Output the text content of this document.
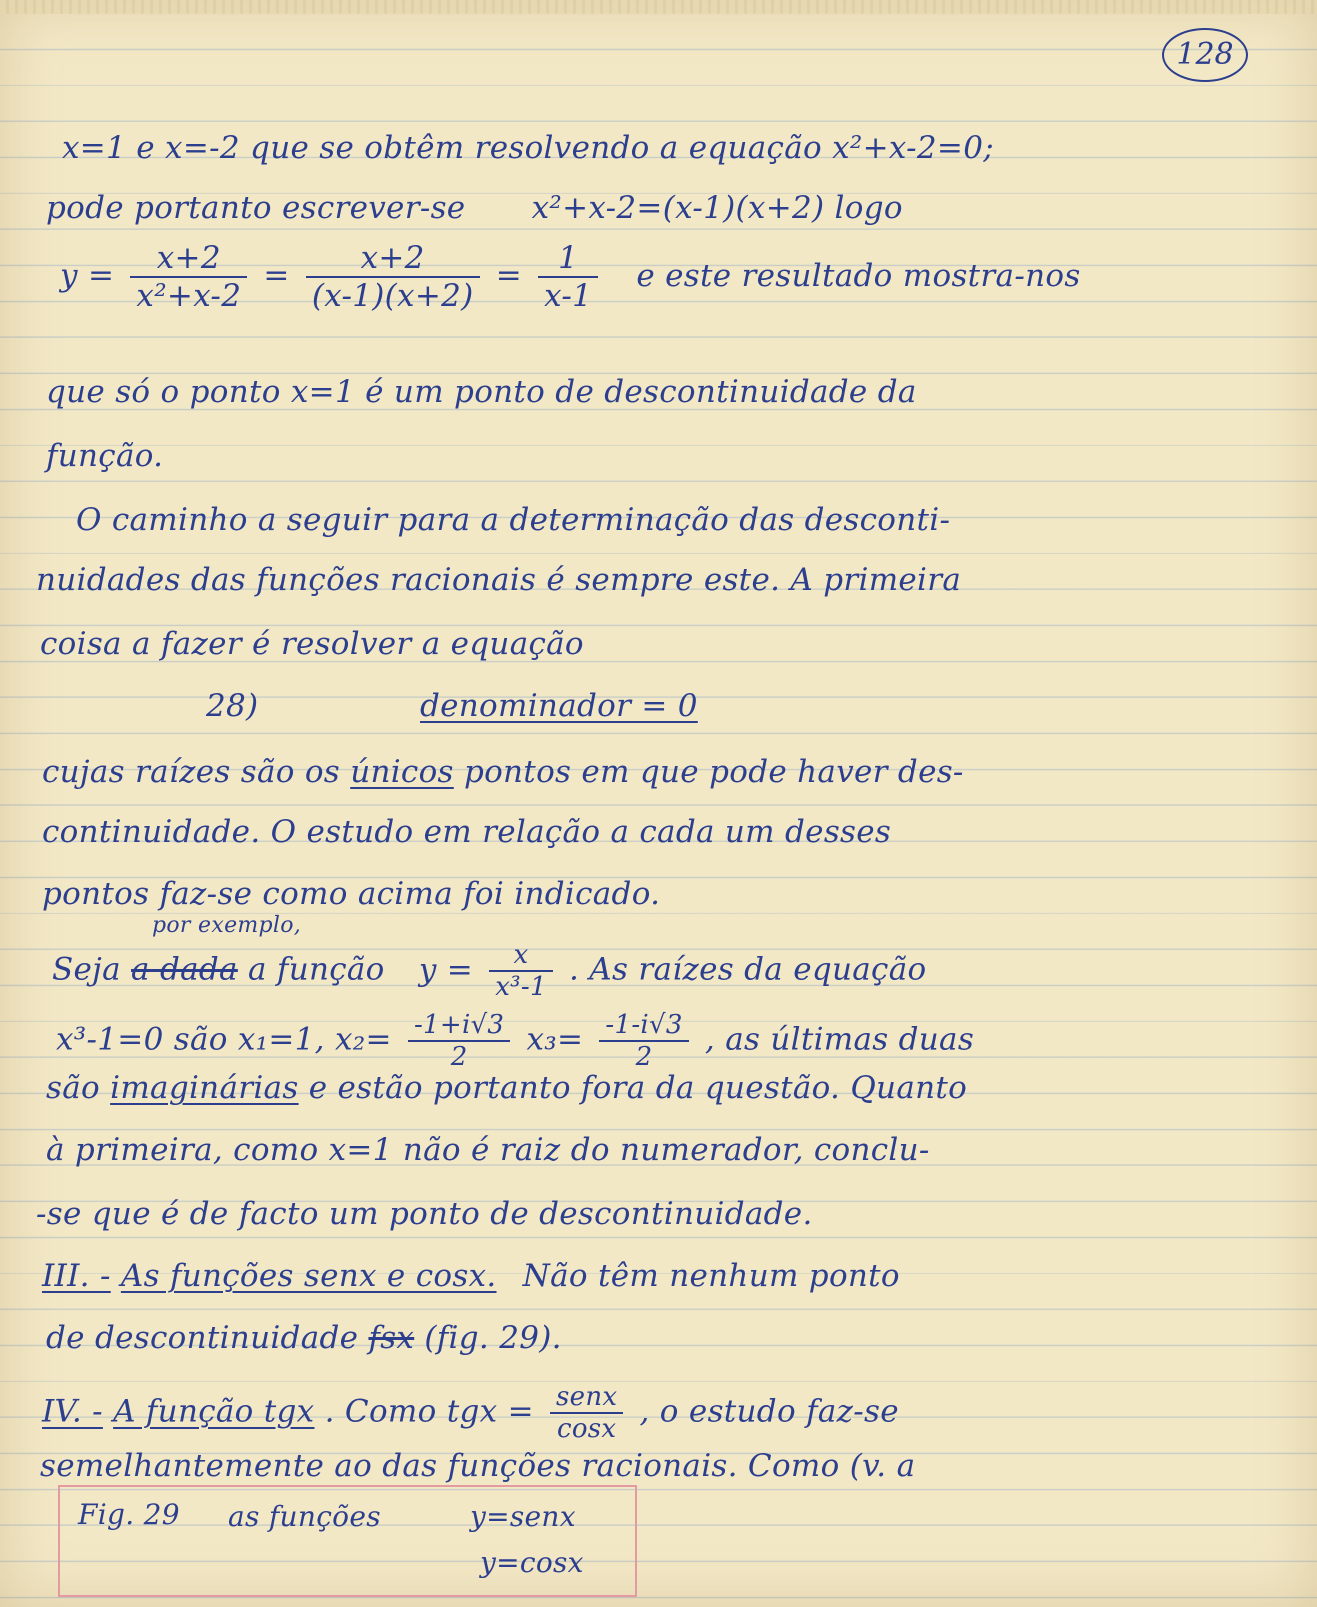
128
x=1 e x=-2 que se obtêm resolvendo a equação x²+x-2=0;
pode portanto escrever-se x²+x-2=(x-1)(x+2) logo
$y = \frac{x+2}{\text{x²+x-2}} = \frac{x+2}{(x-1)(x+2)} = \frac{1}{x-1}$ e este resultado mostra-nos
que só o ponto x=1 é um ponto de descontinuidade da
função.
O caminho a seguir para a determinação das desconti-
nuidades das funções racionais é sempre este. A primeira
coisa a fazer é resolver a equação
28)	denominador = 0
cujas raízes são os únicos pontos em que pode haver des-
continuidade. O estudo em relação a cada um desses
pontos faz-se como acima foi indicado.
por exemplo,
Seja a dada a função $y = \frac{x}{\text{x³-1}}$ . As raízes da equação
x³-1=0 são x₁=1, $x_2= \frac{-1+i√3}{2} x_3= \frac{-1-i√3}{2}$ , as últimas duas
são imaginárias e estão portanto fora da questão. Quanto
à primeira, como x=1 não é raiz do numerador, conclu-
-se que é de facto um ponto de descontinuidade.
III. - As funções senx e cosx. Não têm nenhum ponto
de descontinuidade fsx (fig. 29).
IV. - A função tgx . Como tgx = $\frac{\text{senx}}{\cos x}$ , o estudo faz-se
semelhantemente ao das funções racionais. Como (v. a
Fig. 29 as funções	y=senx
y=cosx
